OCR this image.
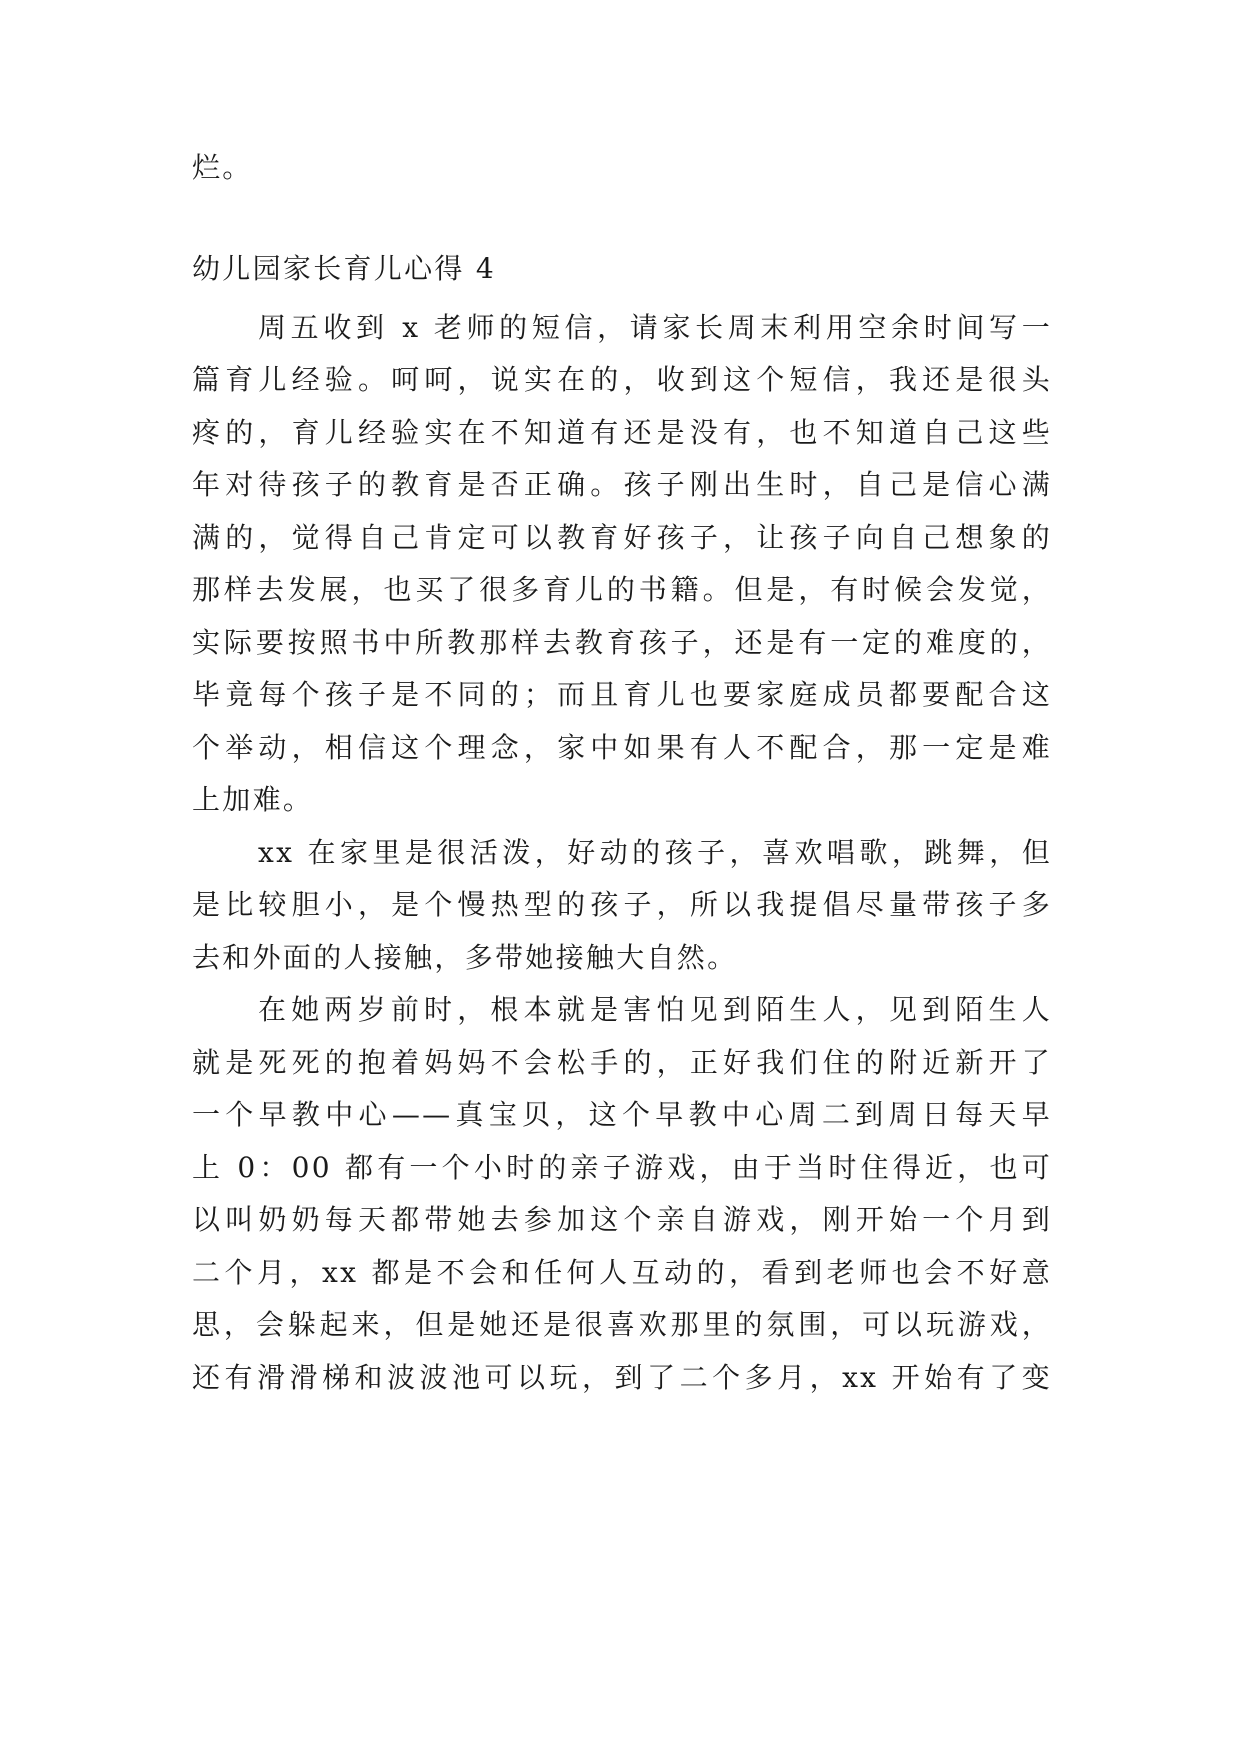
烂。
幼儿园家长育儿心得 4
周五收到 x 老师的短信，请家长周末利用空余时间写一
篇育儿经验。呵呵，说实在的，收到这个短信，我还是很头
疼的，育儿经验实在不知道有还是没有，也不知道自己这些
年对待孩子的教育是否正确。孩子刚出生时，自己是信心满
满的，觉得自己肯定可以教育好孩子，让孩子向自己想象的
那样去发展，也买了很多育儿的书籍。但是，有时候会发觉，
实际要按照书中所教那样去教育孩子，还是有一定的难度的，
毕竟每个孩子是不同的；而且育儿也要家庭成员都要配合这
个举动，相信这个理念，家中如果有人不配合，那一定是难
上加难。
xx 在家里是很活泼，好动的孩子，喜欢唱歌，跳舞，但
是比较胆小，是个慢热型的孩子，所以我提倡尽量带孩子多
去和外面的人接触，多带她接触大自然。
在她两岁前时，根本就是害怕见到陌生人，见到陌生人
就是死死的抱着妈妈不会松手的，正好我们住的附近新开了
一个早教中心——真宝贝，这个早教中心周二到周日每天早
上 0：00 都有一个小时的亲子游戏，由于当时住得近，也可
以叫奶奶每天都带她去参加这个亲自游戏，刚开始一个月到
二个月，xx 都是不会和任何人互动的，看到老师也会不好意
思，会躲起来，但是她还是很喜欢那里的氛围，可以玩游戏，
还有滑滑梯和波波池可以玩，到了二个多月，xx 开始有了变
